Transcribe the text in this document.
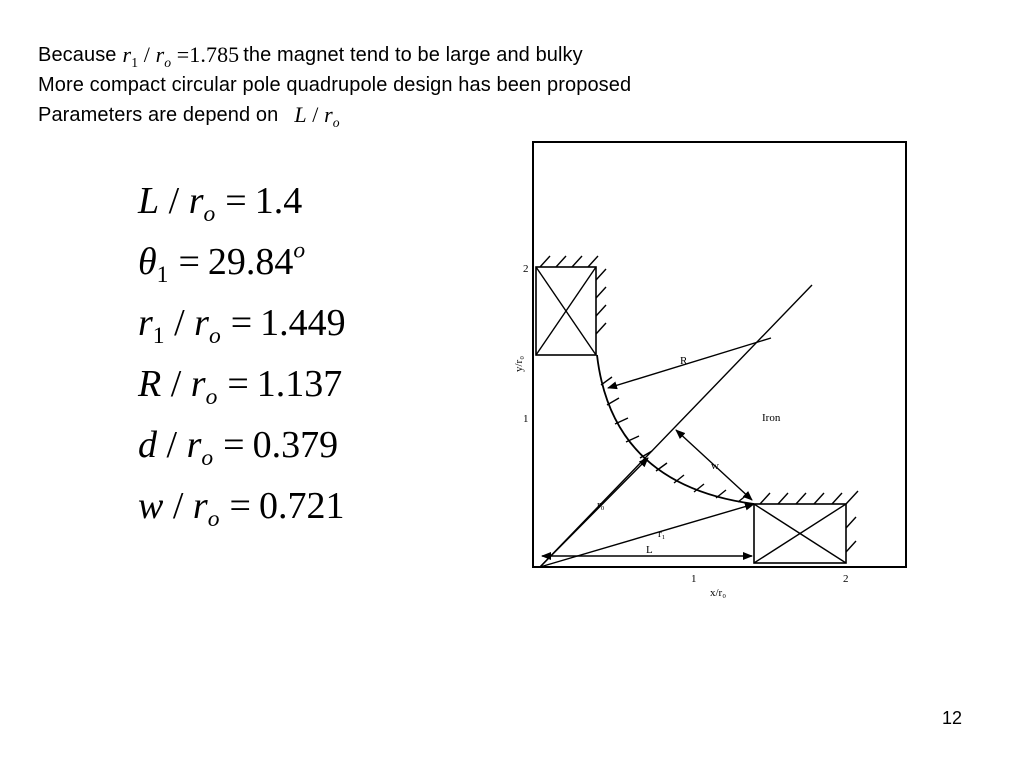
Because $r_1 / r_o =1.785$ the magnet tend to be large and bulky
More compact circular pole quadrupole design has been proposed
Parameters are depend on L / $r_o$
$L / r_o = 1.4$
$\theta_1 = 29.84^o$
$r_1 / r_o = 1.449$
$R / r_o = 1.137$
$d / r_o = 0.379$
$w / r_o = 0.721$
R
Iron
w
r₀
r₁
L
2
1
1	2
x/r₀
y/r₀
12
